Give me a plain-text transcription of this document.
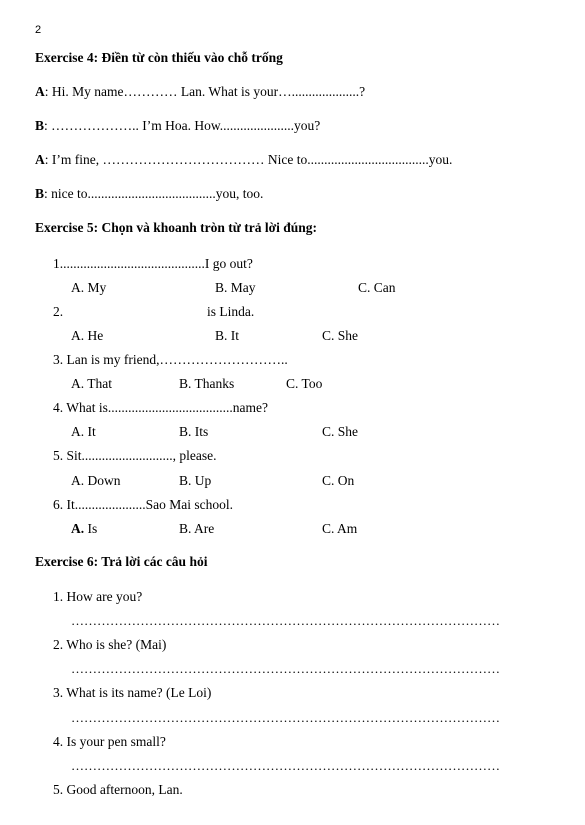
2
Exercise 4: Điền từ còn thiếu vào chỗ trống
A: Hi. My name………… Lan. What is your…....................?
B: ……………….. I’m Hoa. How......................you?
A: I’m fine, ……………………………… Nice to....................................you.
B: nice to......................................you, too.
Exercise 5: Chọn và khoanh tròn từ trả lời đúng:
1...........................................I go out?
A. My	B. May	C. Can
2.	is Linda.
A. He	B. It	C. She
3. Lan is my friend,………………………..
A. That	B. Thanks	C. Too
4. What is.....................................name?
A. It	B. Its	C. She
5. Sit..........................., please.
A. Down	B. Up	C. On
6. It.....................Sao Mai school.
A. Is	B. Are	C. Am
Exercise 6: Trả lời các câu hỏi
1. How are you?
………………………………………………………………………………………
2. Who is she? (Mai)
………………………………………………………………………………………
3. What is its name? (Le Loi)
………………………………………………………………………………………
4. Is your pen small?
………………………………………………………………………………………
5. Good afternoon, Lan.
